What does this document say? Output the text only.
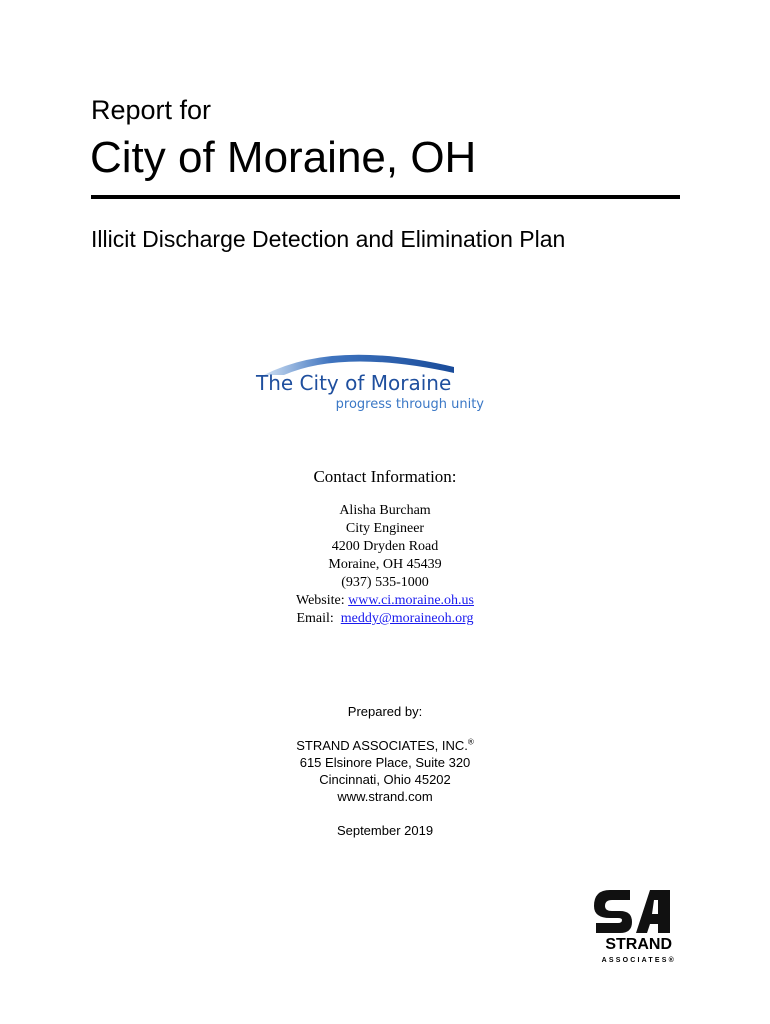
Report for
City of Moraine, OH
Illicit Discharge Detection and Elimination Plan
The City of Moraine
progress through unity
Contact Information:
Alisha Burcham
City Engineer
4200 Dryden Road
Moraine, OH 45439
(937) 535-1000
Website: www.ci.moraine.oh.us
Email: meddy@moraineoh.org
Prepared by:
STRAND ASSOCIATES, INC.®
615 Elsinore Place, Suite 320
Cincinnati, Ohio 45202
www.strand.com
September 2019
STRAND
ASSOCIATES®
